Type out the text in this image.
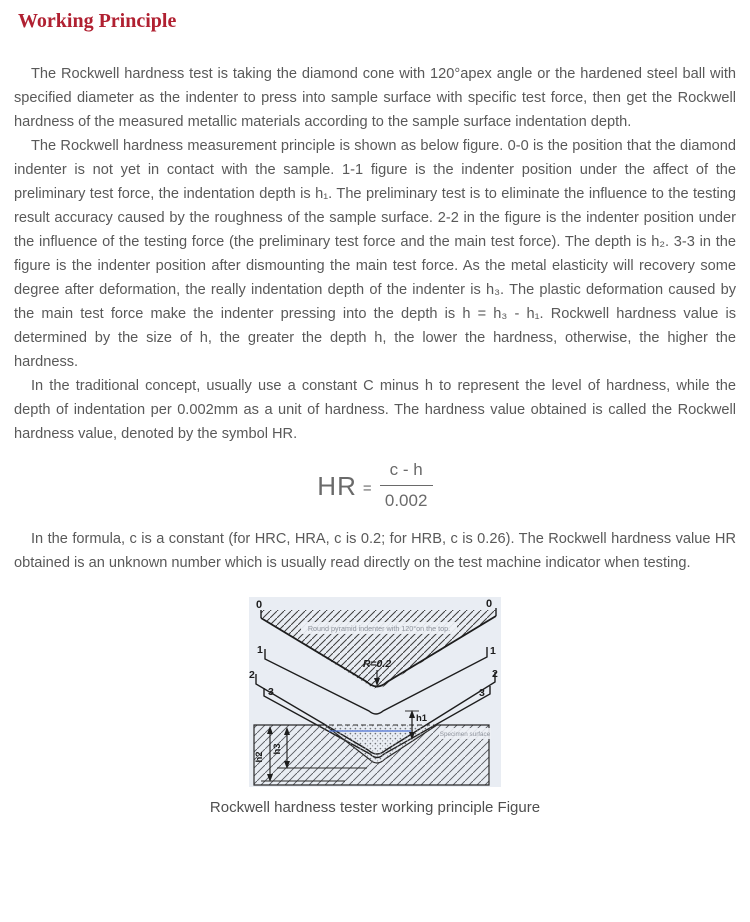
Working Principle

The Rockwell hardness test is taking the diamond cone with 120°apex angle or the hardened steel ball with specified diameter as the indenter to press into sample surface with specific test force, then get the Rockwell hardness of the measured metallic materials according to the sample surface indentation depth.

The Rockwell hardness measurement principle is shown as below figure. 0-0 is the position that the diamond indenter is not yet in contact with the sample. 1-1 figure is the indenter position under the affect of the preliminary test force, the indentation depth is h₁. The preliminary test is to eliminate the influence to the testing result accuracy caused by the roughness of the sample surface. 2-2 in the figure is the indenter position under the influence of the testing force (the preliminary test force and the main test force). The depth is h₂. 3-3 in the figure is the indenter position after dismounting the main test force. As the metal elasticity will recovery some degree after deformation, the really indentation depth of the indenter is h₃. The plastic deformation caused by the main test force make the indenter pressing into the depth is h = h₃ - h₁. Rockwell hardness value is determined by the size of h, the greater the depth h, the lower the hardness, otherwise, the higher the hardness.

In the traditional concept, usually use a constant C minus h to represent the level of hardness, while the depth of indentation per 0.002mm as a unit of hardness. The hardness value obtained is called the Rockwell hardness value, denoted by the symbol HR.

HR = $\frac{c - h}{0.002}$

In the formula, c is a constant (for HRC, HRA, c is 0.2; for HRB, c is 0.26). The Rockwell hardness value HR obtained is an unknown number which is usually read directly on the test machine indicator when testing.

Round pyramid indenter with 120°on the top.
R=0.2
0	0
1	1
2	2
3	3
h1
h2
h3
Specimen surface
Rockwell hardness tester working principle Figure
